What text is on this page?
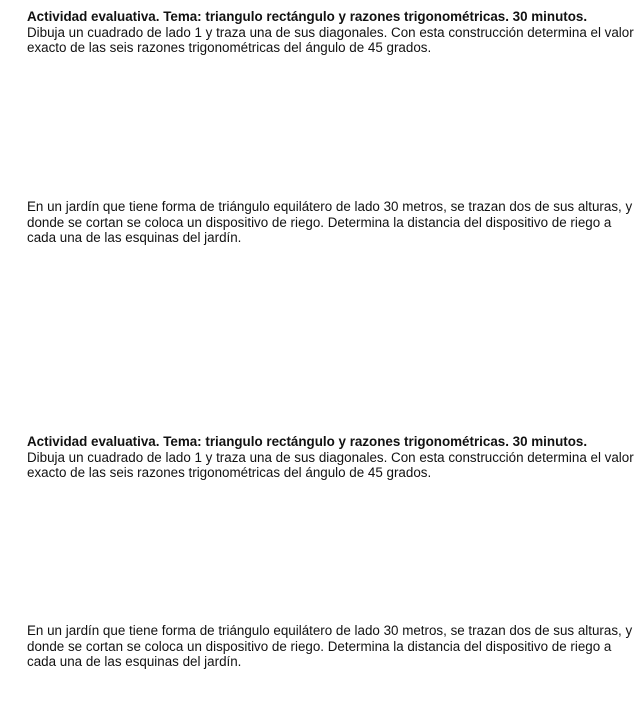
Actividad evaluativa. Tema: triangulo rectángulo y razones trigonométricas. 30 minutos.

Dibuja un cuadrado de lado 1 y traza una de sus diagonales. Con esta construcción determina el valor exacto de las seis razones trigonométricas del ángulo de 45 grados.

En un jardín que tiene forma de triángulo equilátero de lado 30 metros, se trazan dos de sus alturas, y donde se cortan se coloca un dispositivo de riego. Determina la distancia del dispositivo de riego a cada una de las esquinas del jardín.

Actividad evaluativa. Tema: triangulo rectángulo y razones trigonométricas. 30 minutos.

Dibuja un cuadrado de lado 1 y traza una de sus diagonales. Con esta construcción determina el valor exacto de las seis razones trigonométricas del ángulo de 45 grados.

En un jardín que tiene forma de triángulo equilátero de lado 30 metros, se trazan dos de sus alturas, y donde se cortan se coloca un dispositivo de riego. Determina la distancia del dispositivo de riego a cada una de las esquinas del jardín.
